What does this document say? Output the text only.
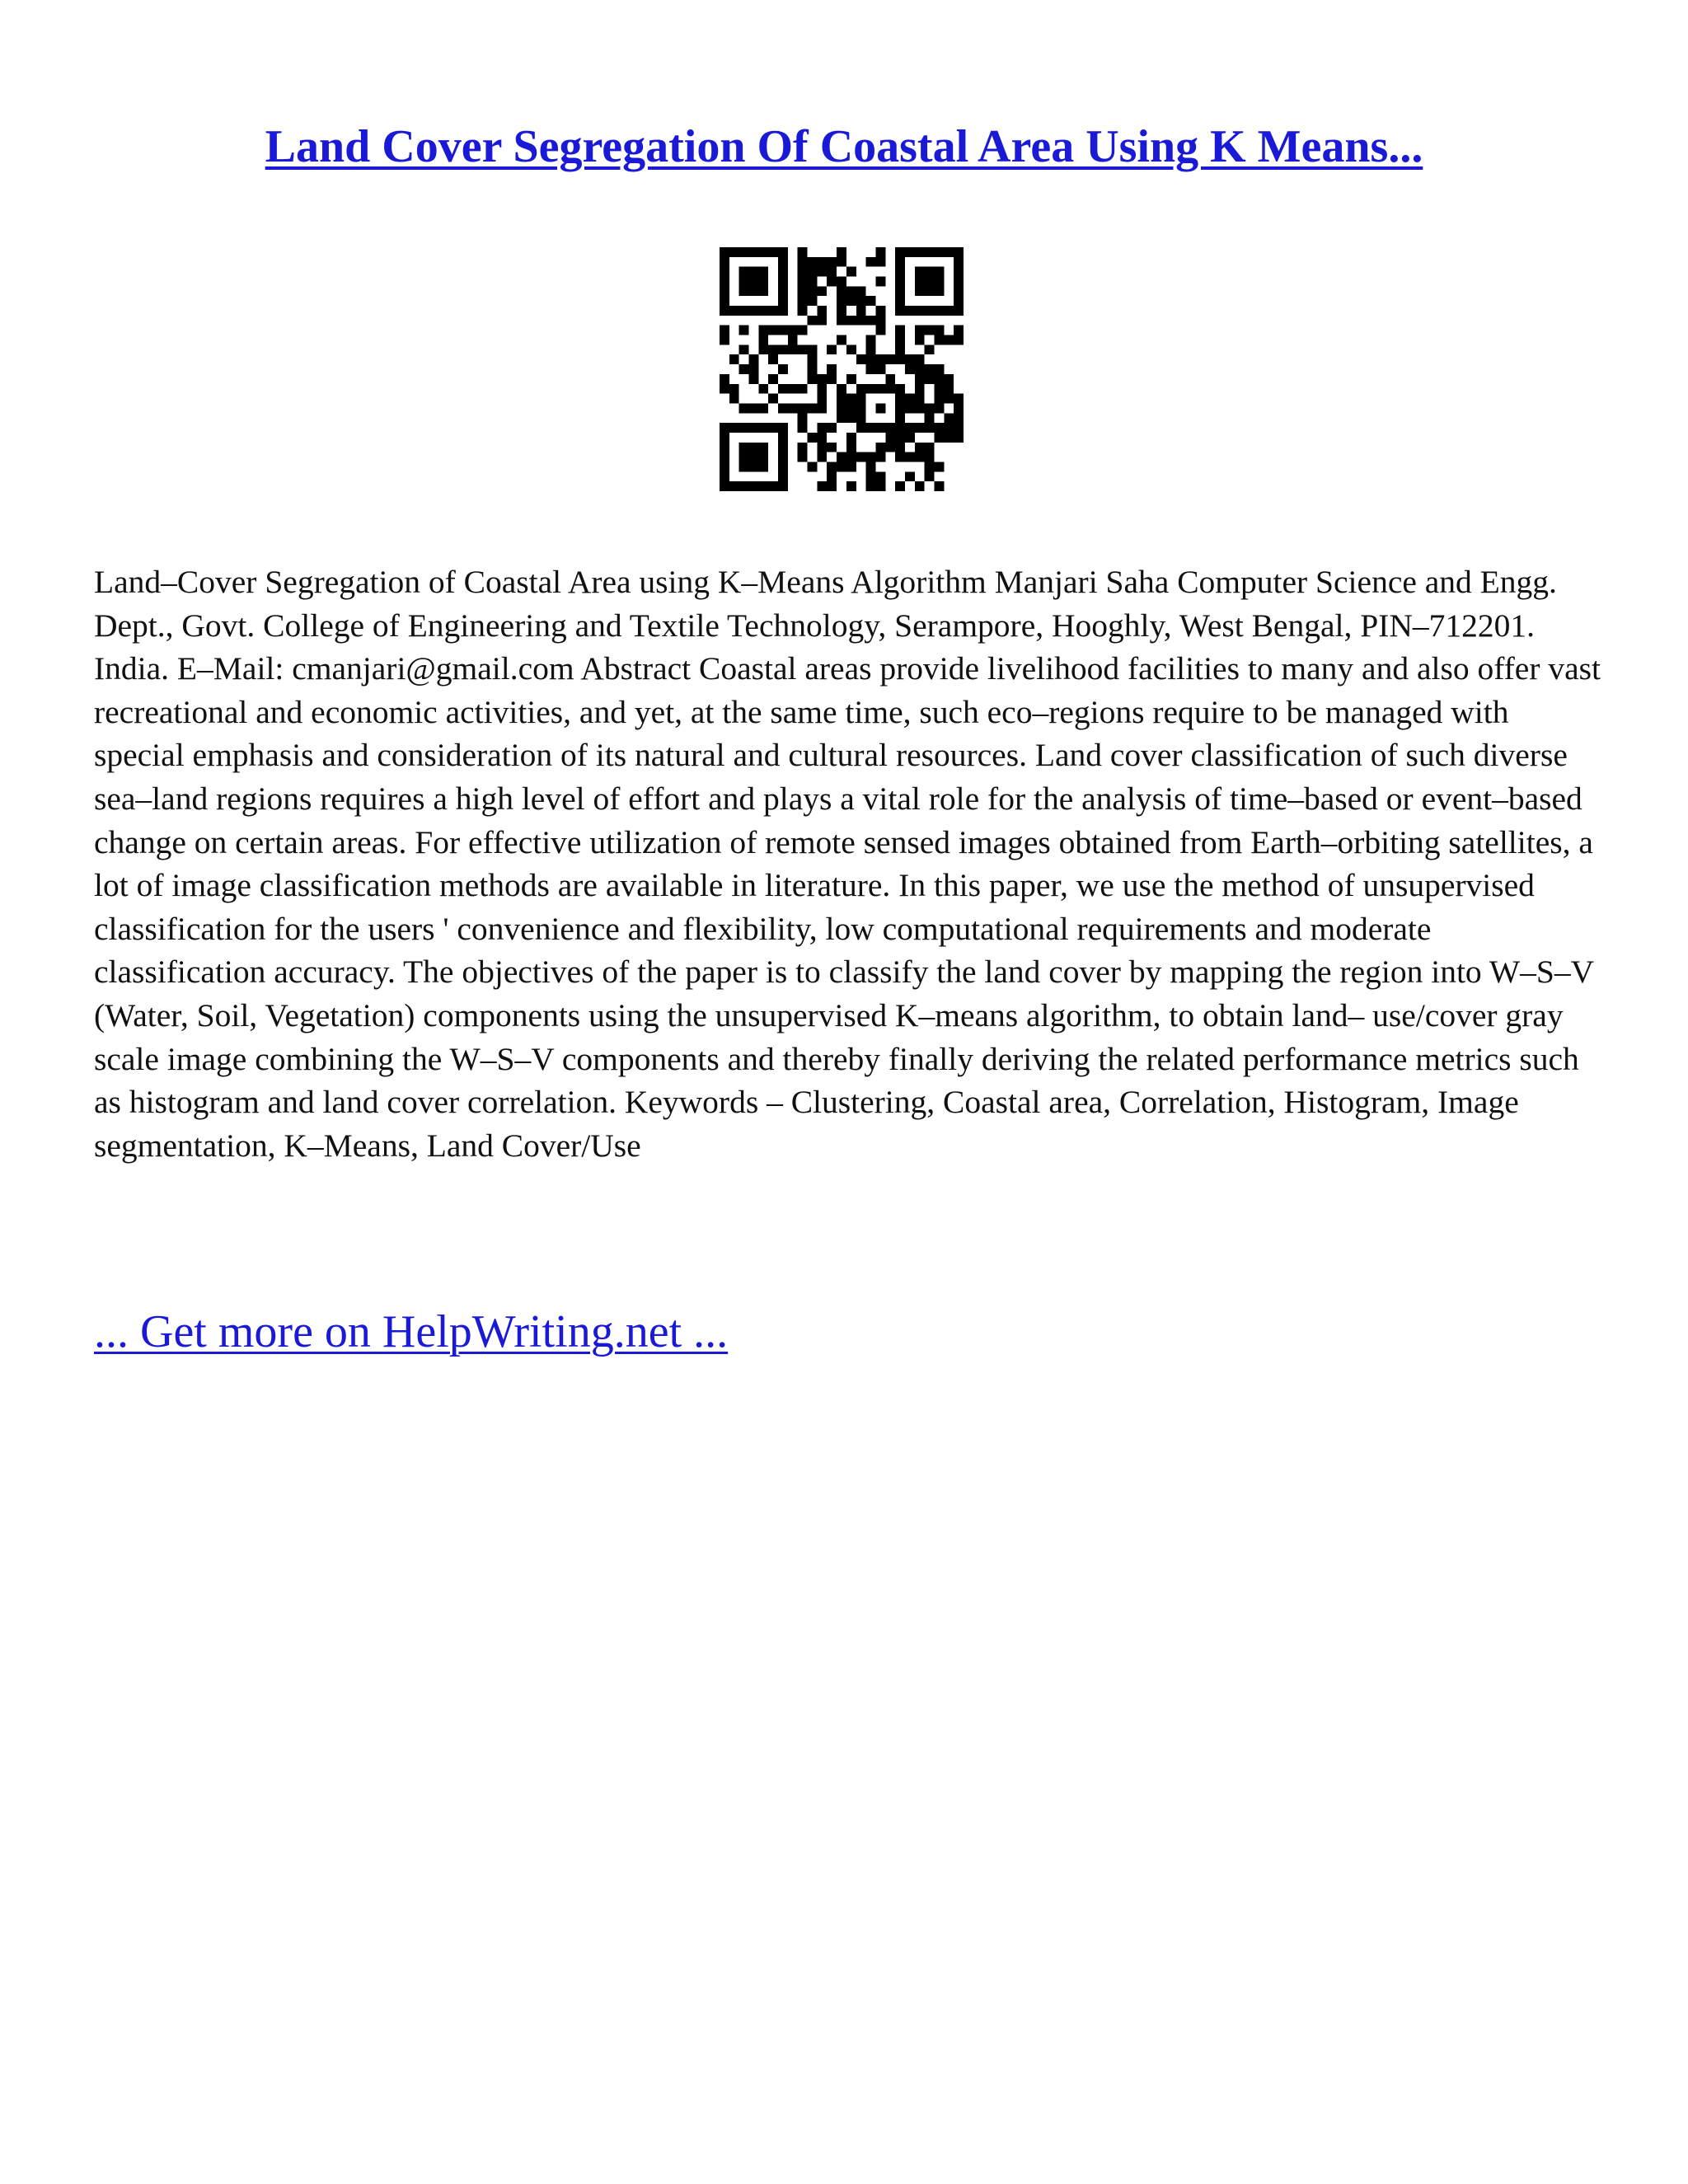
Land Cover Segregation Of Coastal Area Using K Means...

Land–Cover Segregation of Coastal Area using K–Means Algorithm Manjari Saha Computer Science and Engg. Dept., Govt. College of Engineering and Textile Technology, Serampore, Hooghly, West Bengal, PIN–712201. India. E–Mail: cmanjari@gmail.com Abstract Coastal areas provide livelihood facilities to many and also offer vast recreational and economic activities, and yet, at the same time, such eco–regions require to be managed with special emphasis and consideration of its natural and cultural resources. Land cover classification of such diverse sea–land regions requires a high level of effort and plays a vital role for the analysis of time–based or event–based change on certain areas. For effective utilization of remote sensed images obtained from Earth–orbiting satellites, a lot of image classification methods are available in literature. In this paper, we use the method of unsupervised classification for the users ' convenience and flexibility, low computational requirements and moderate classification accuracy. The objectives of the paper is to classify the land cover by mapping the region into W–S–V (Water, Soil, Vegetation) components using the unsupervised K–means algorithm, to obtain land– use/cover gray scale image combining the W–S–V components and thereby finally deriving the related performance metrics such as histogram and land cover correlation. Keywords – Clustering, Coastal area, Correlation, Histogram, Image segmentation, K–Means, Land Cover/Use

... Get more on HelpWriting.net ...
